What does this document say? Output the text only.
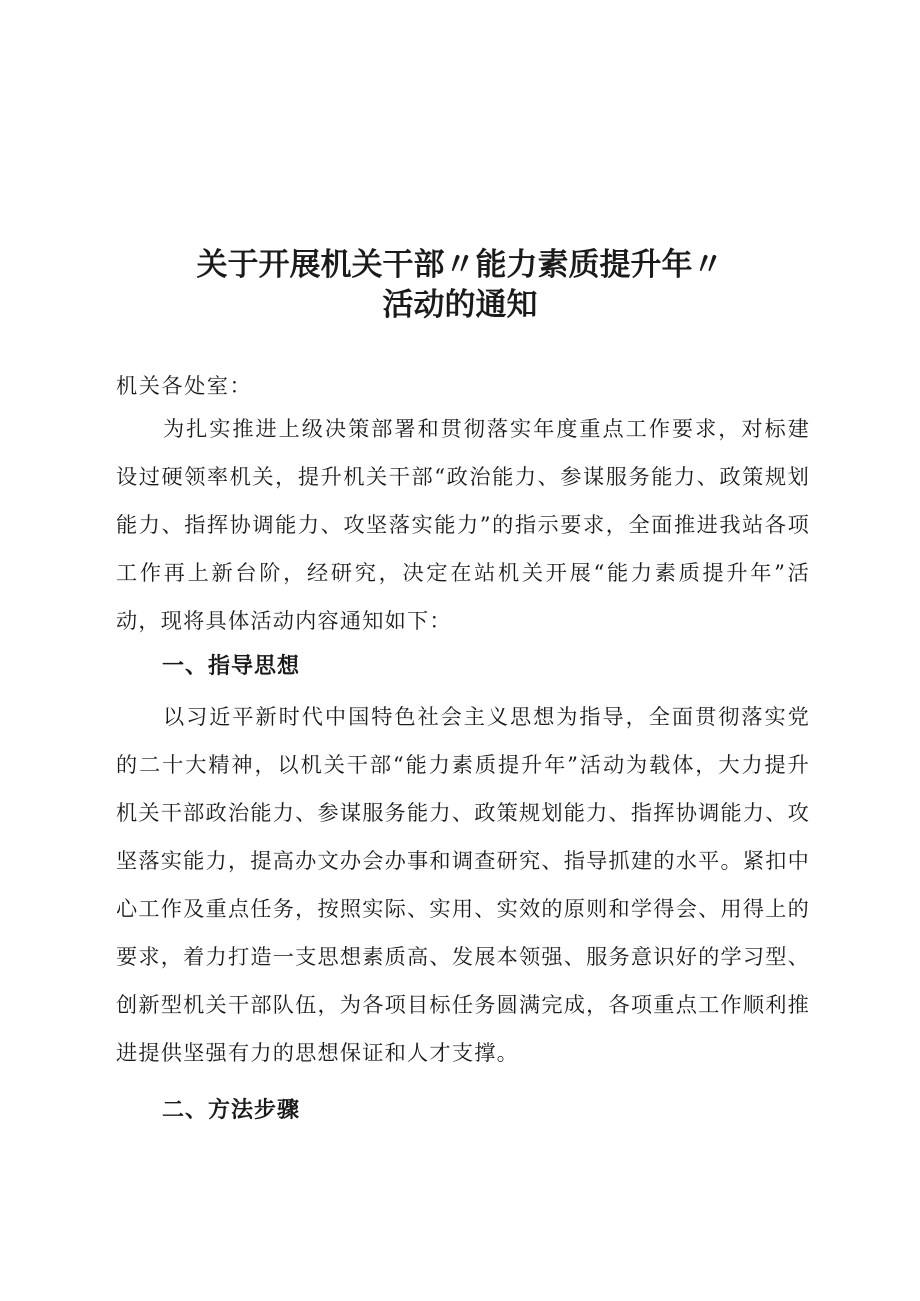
关于开展机关干部〃能力素质提升年〃
活动的通知
机关各处室：
为扎实推进上级决策部署和贯彻落实年度重点工作要求，对标建设过硬领率机关，提升机关干部“政治能力、参谋服务能力、政策规划能力、指挥协调能力、攻坚落实能力”的指示要求，全面推进我站各项工作再上新台阶，经研究，决定在站机关开展“能力素质提升年”活动，现将具体活动内容通知如下：
一、指导思想
以习近平新时代中国特色社会主义思想为指导，全面贯彻落实党的二十大精神，以机关干部“能力素质提升年”活动为载体，大力提升机关干部政治能力、参谋服务能力、政策规划能力、指挥协调能力、攻坚落实能力，提高办文办会办事和调查研究、指导抓建的水平。紧扣中心工作及重点任务，按照实际、实用、实效的原则和学得会、用得上的要求，着力打造一支思想素质高、发展本领强、服务意识好的学习型、创新型机关干部队伍，为各项目标任务圆满完成，各项重点工作顺利推进提供坚强有力的思想保证和人才支撑。
二、方法步骤
